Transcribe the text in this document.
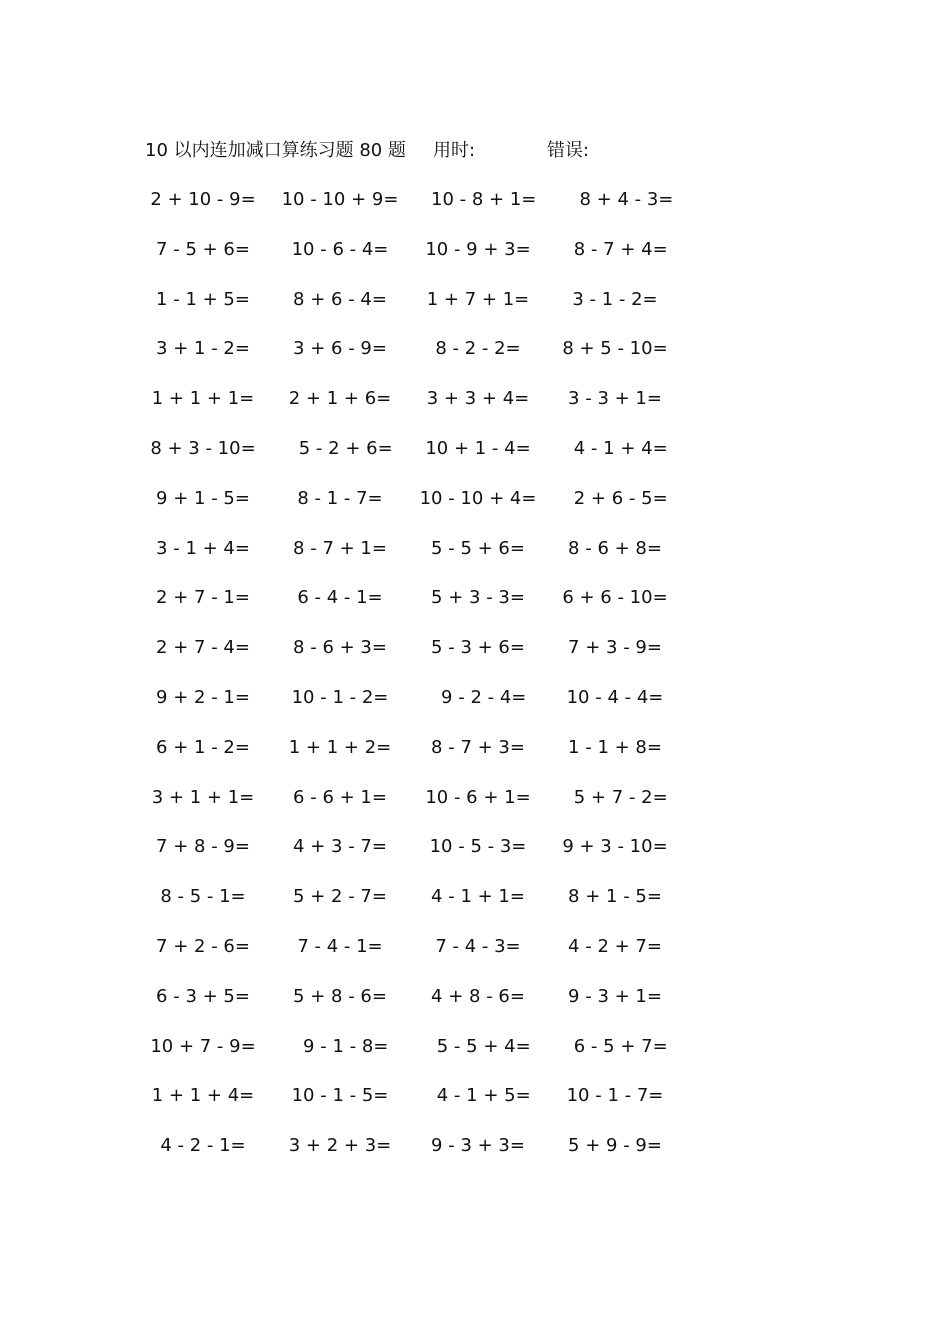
10 以内连加减口算练习题 80 题 用时:	错误:
2 + 10 - 9=	10 - 10 + 9=	10 - 8 + 1=	8 + 4 - 3=
7 - 5 + 6=	10 - 6 - 4=	10 - 9 + 3=	8 - 7 + 4=
1 - 1 + 5=	8 + 6 - 4=	1 + 7 + 1=	3 - 1 - 2=
3 + 1 - 2=	3 + 6 - 9=	8 - 2 - 2=	8 + 5 - 10=
1 + 1 + 1=	2 + 1 + 6=	3 + 3 + 4=	3 - 3 + 1=
8 + 3 - 10=	5 - 2 + 6=	10 + 1 - 4=	4 - 1 + 4=
9 + 1 - 5=	8 - 1 - 7=	10 - 10 + 4=	2 + 6 - 5=
3 - 1 + 4=	8 - 7 + 1=	5 - 5 + 6=	8 - 6 + 8=
2 + 7 - 1=	6 - 4 - 1=	5 + 3 - 3=	6 + 6 - 10=
2 + 7 - 4=	8 - 6 + 3=	5 - 3 + 6=	7 + 3 - 9=
9 + 2 - 1=	10 - 1 - 2=	9 - 2 - 4=	10 - 4 - 4=
6 + 1 - 2=	1 + 1 + 2=	8 - 7 + 3=	1 - 1 + 8=
3 + 1 + 1=	6 - 6 + 1=	10 - 6 + 1=	5 + 7 - 2=
7 + 8 - 9=	4 + 3 - 7=	10 - 5 - 3=	9 + 3 - 10=
8 - 5 - 1=	5 + 2 - 7=	4 - 1 + 1=	8 + 1 - 5=
7 + 2 - 6=	7 - 4 - 1=	7 - 4 - 3=	4 - 2 + 7=
6 - 3 + 5=	5 + 8 - 6=	4 + 8 - 6=	9 - 3 + 1=
10 + 7 - 9=	9 - 1 - 8=	5 - 5 + 4=	6 - 5 + 7=
1 + 1 + 4=	10 - 1 - 5=	4 - 1 + 5=	10 - 1 - 7=
4 - 2 - 1=	3 + 2 + 3=	9 - 3 + 3=	5 + 9 - 9=
